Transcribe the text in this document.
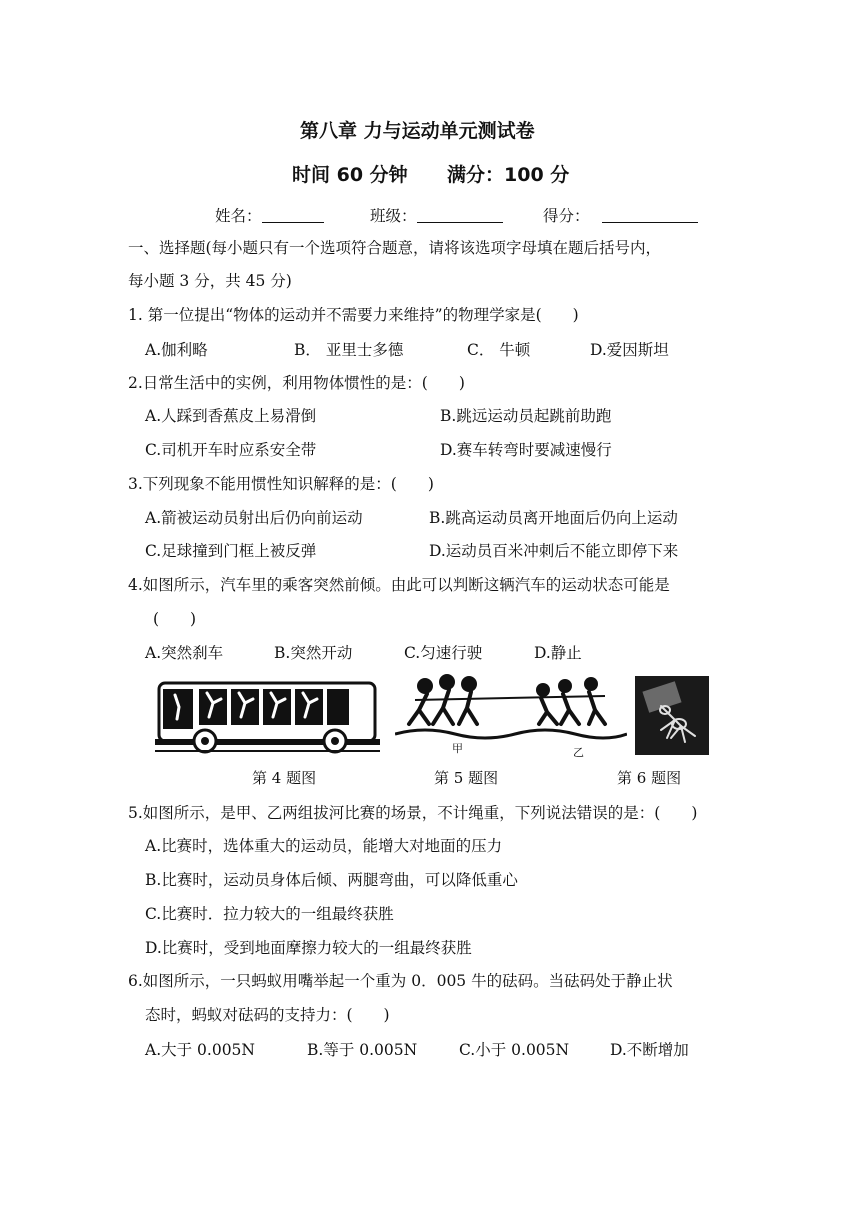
第八章 力与运动单元测试卷
时间 60 分钟 满分：100 分
姓名：	班级：	得分：
一、选择题(每小题只有一个选项符合题意，请将该选项字母填在题后括号内，
每小题 3 分，共 45 分)
1. 第一位提出“物体的运动并不需要力来维持”的物理学家是(　　)
A.伽利略	B． 亚里士多德	C． 牛顿	D.爱因斯坦
2.日常生活中的实例，利用物体惯性的是：(　　)
A.人踩到香蕉皮上易滑倒	B.跳远运动员起跳前助跑
C.司机开车时应系安全带	D.赛车转弯时要减速慢行
3.下列现象不能用惯性知识解释的是：(　　)
A.箭被运动员射出后仍向前运动	B.跳高运动员离开地面后仍向上运动
C.足球撞到门框上被反弹	D.运动员百米冲刺后不能立即停下来
4.如图所示，汽车里的乘客突然前倾。由此可以判断这辆汽车的运动状态可能是
(　　)
A.突然刹车	B.突然开动	C.匀速行驶	D.静止
甲	乙
第 4 题图	第 5 题图	第 6 题图
5.如图所示，是甲、乙两组拔河比赛的场景，不计绳重，下列说法错误的是：(　　)
A.比赛时，选体重大的运动员，能增大对地面的压力
B.比赛时，运动员身体后倾、两腿弯曲，可以降低重心
C.比赛时．拉力较大的一组最终获胜
D.比赛时，受到地面摩擦力较大的一组最终获胜
6.如图所示，一只蚂蚁用嘴举起一个重为 0．005 牛的砝码。当砝码处于静止状
态时，蚂蚁对砝码的支持力：(　　)
A.大于 0.005N	B.等于 0.005N	C.小于 0.005N	D.不断增加
